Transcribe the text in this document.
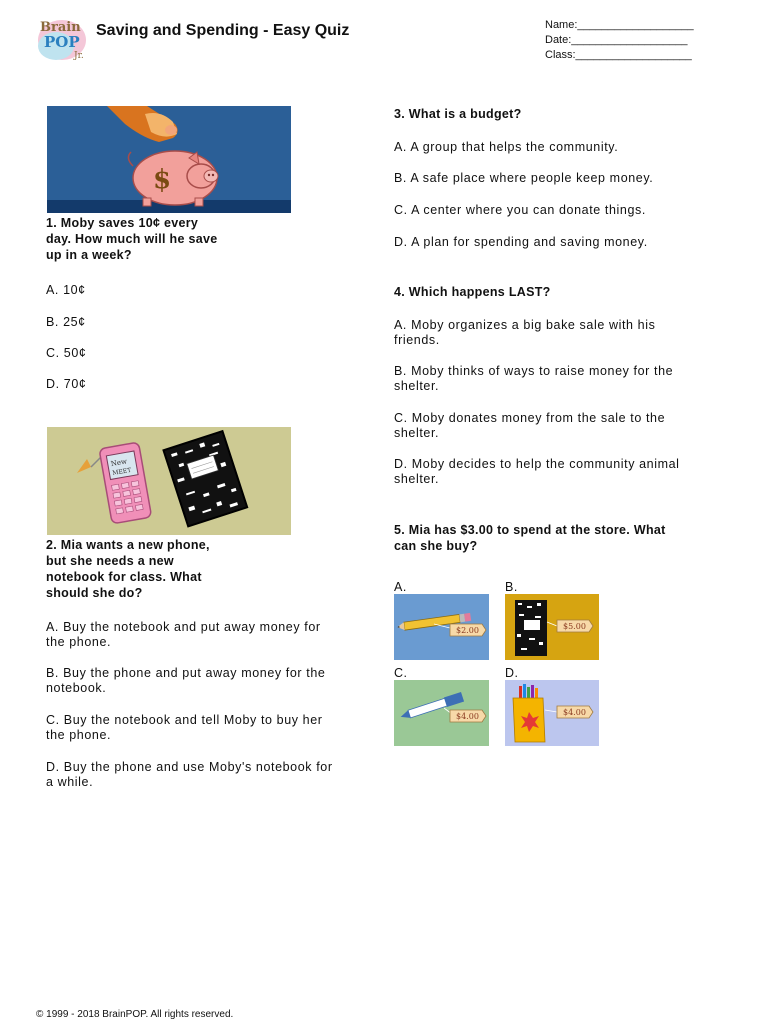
Brain
POP
Jr.
Saving and Spending - Easy Quiz	Name:___________________
Date:___________________
Class:___________________
$
1. Moby saves 10¢ every
day. How much will he save
up in a week?
A. 10¢
B. 25¢
C. 50¢
D. 70¢
New
MEET
2. Mia wants a new phone,
but she needs a new
notebook for class. What
should she do?
A. Buy the notebook and put away money for
the phone.
B. Buy the phone and put away money for the
notebook.
C. Buy the notebook and tell Moby to buy her
the phone.
D. Buy the phone and use Moby's notebook for
a while.
3. What is a budget?
A. A group that helps the community.
B. A safe place where people keep money.
C. A center where you can donate things.
D. A plan for spending and saving money.
4. Which happens LAST?
A. Moby organizes a big bake sale with his
friends.
B. Moby thinks of ways to raise money for the
shelter.
C. Moby donates money from the sale to the
shelter.
D. Moby decides to help the community animal
shelter.
5. Mia has $3.00 to spend at the store. What
can she buy?
A.
$2.00
B.
$5.00
C.
$4.00
D.
$4.00
© 1999 - 2018 BrainPOP. All rights reserved.
